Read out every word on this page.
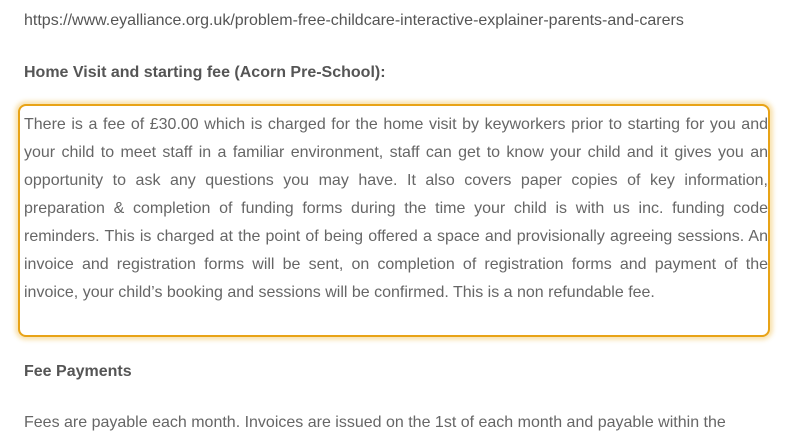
https://www.eyalliance.org.uk/problem-free-childcare-interactive-explainer-parents-and-carers
Home Visit and starting fee (Acorn Pre-School):

There is a fee of £30.00 which is charged for the home visit by keyworkers prior to starting for you and your child to meet staff in a familiar environment, staff can get to know your child and it gives you an opportunity to ask any questions you may have. It also covers paper copies of key information, preparation & completion of funding forms during the time your child is with us inc. funding code reminders. This is charged at the point of being offered a space and provisionally agreeing sessions. An invoice and registration forms will be sent, on completion of registration forms and payment of the invoice, your child’s booking and sessions will be confirmed. This is a non refundable fee.

Fee Payments
Fees are payable each month. Invoices are issued on the 1st of each month and payable within the
